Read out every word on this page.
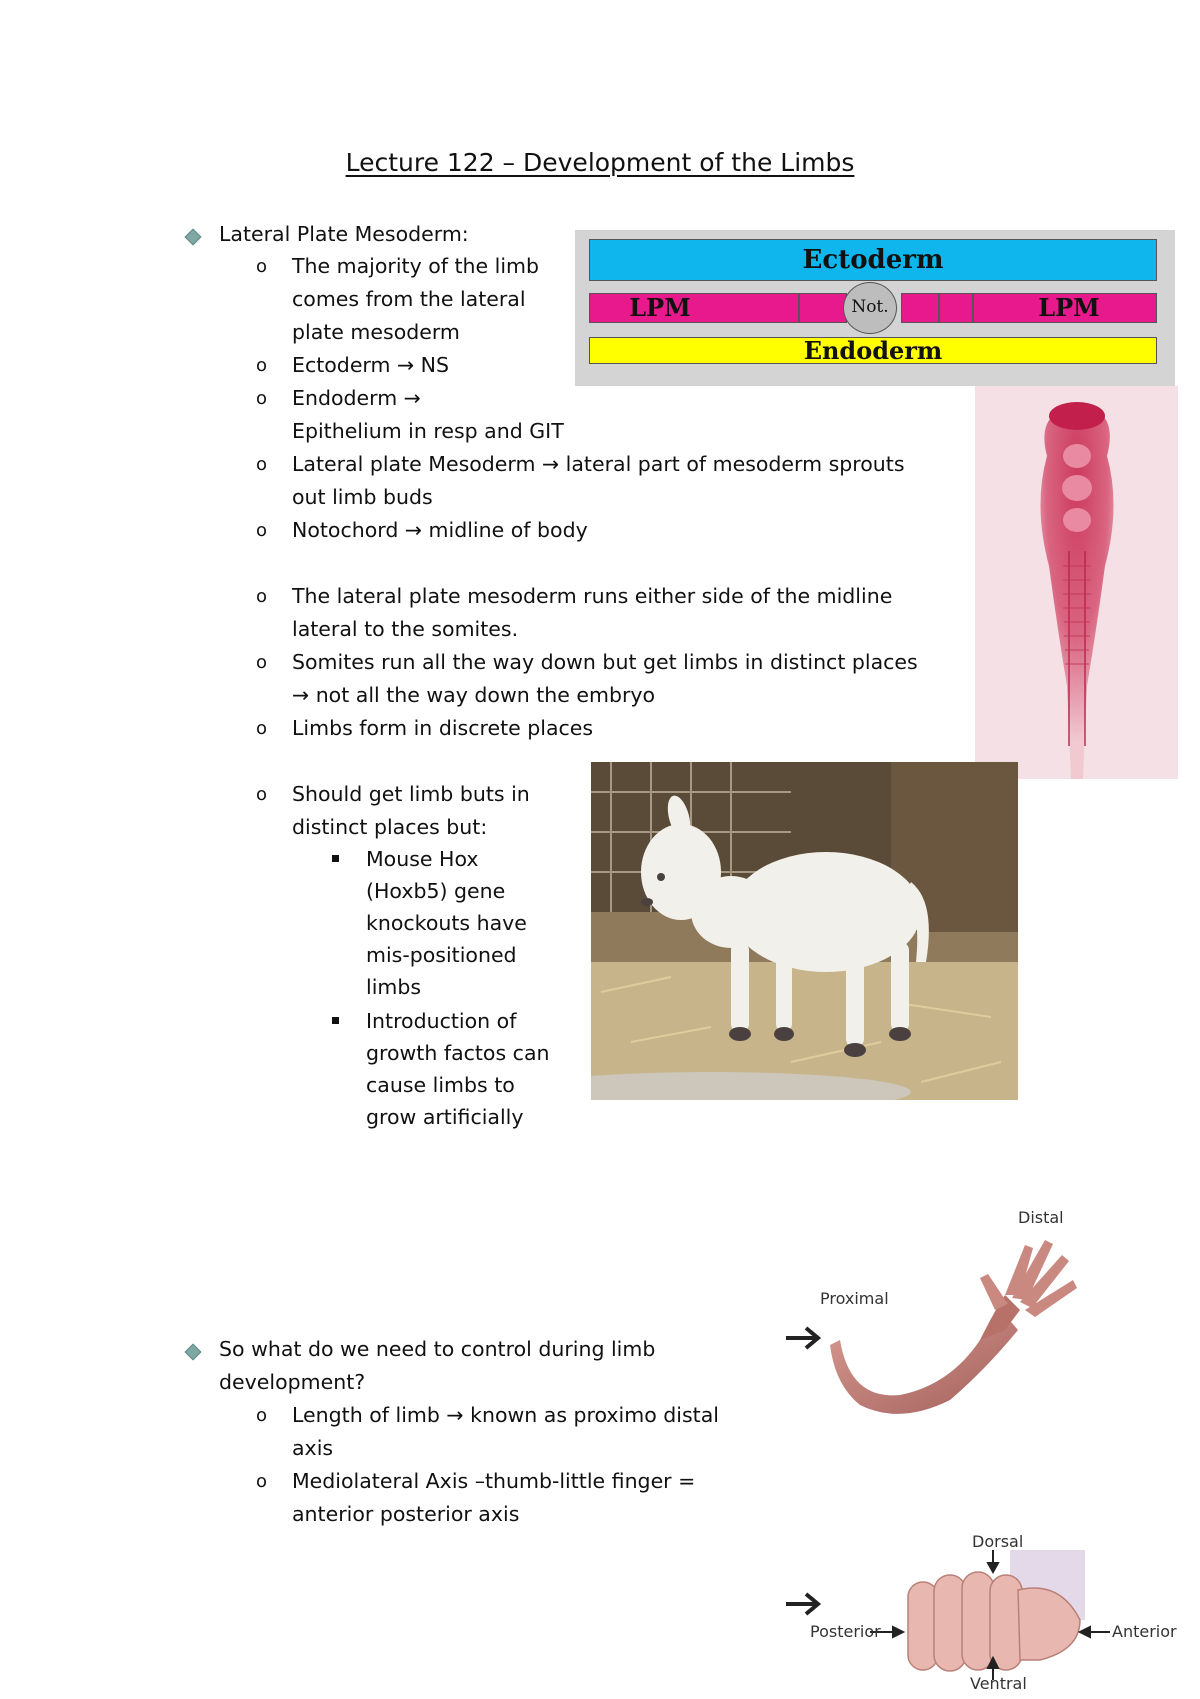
Lecture 122 – Development of the Limbs
Lateral Plate Mesoderm:
o
o
o
o
o
o
o
o
o
The majority of the limb
comes from the lateral
plate mesoderm
Ectoderm → NS
Endoderm →
Epithelium in resp and GIT
Lateral plate Mesoderm → lateral part of mesoderm sprouts
out limb buds
Notochord → midline of body
The lateral plate mesoderm runs either side of the midline
lateral to the somites.
Somites run all the way down but get limbs in distinct places
→ not all the way down the embryo
Limbs form in discrete places
Should get limb buts in
distinct places but:
Mouse Hox
(Hoxb5) gene
knockouts have
mis-positioned
limbs
Introduction of
growth factos can
cause limbs to
grow artificially
Ectoderm
LPM	LPM
Not.
Endoderm
So what do we need to control during limb
development?
o
o
Length of limb → known as proximo distal
axis
Mediolateral Axis –thumb-little finger =
anterior posterior axis
Distal
Proximal
Dorsal
Ventral
Posterior	Anterior
